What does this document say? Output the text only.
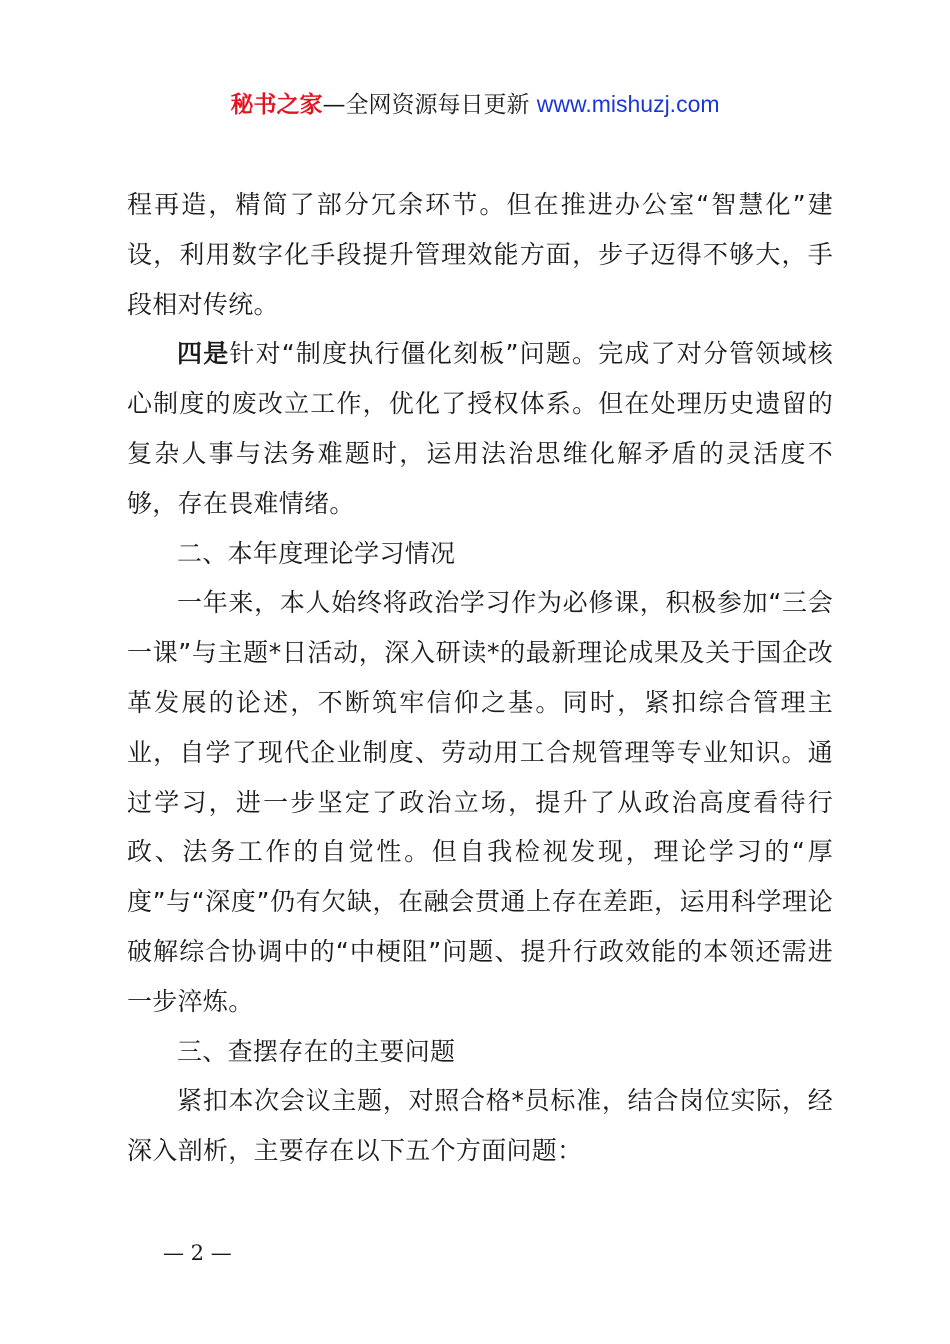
秘书之家—全网资源每日更新 www.mishuzj.com

程再造，精简了部分冗余环节。但在推进办公室“智慧化”建设，利用数字化手段提升管理效能方面，步子迈得不够大，手段相对传统。

四是针对“制度执行僵化刻板”问题。完成了对分管领域核心制度的废改立工作，优化了授权体系。但在处理历史遗留的复杂人事与法务难题时，运用法治思维化解矛盾的灵活度不够，存在畏难情绪。

二、本年度理论学习情况

一年来，本人始终将政治学习作为必修课，积极参加“三会一课”与主题*日活动，深入研读*的最新理论成果及关于国企改革发展的论述，不断筑牢信仰之基。同时，紧扣综合管理主业，自学了现代企业制度、劳动用工合规管理等专业知识。通过学习，进一步坚定了政治立场，提升了从政治高度看待行政、法务工作的自觉性。但自我检视发现，理论学习的“厚度”与“深度”仍有欠缺，在融会贯通上存在差距，运用科学理论破解综合协调中的“中梗阻”问题、提升行政效能的本领还需进一步淬炼。

三、查摆存在的主要问题

紧扣本次会议主题，对照合格*员标准，结合岗位实际，经深入剖析，主要存在以下五个方面问题：

— 2 —
